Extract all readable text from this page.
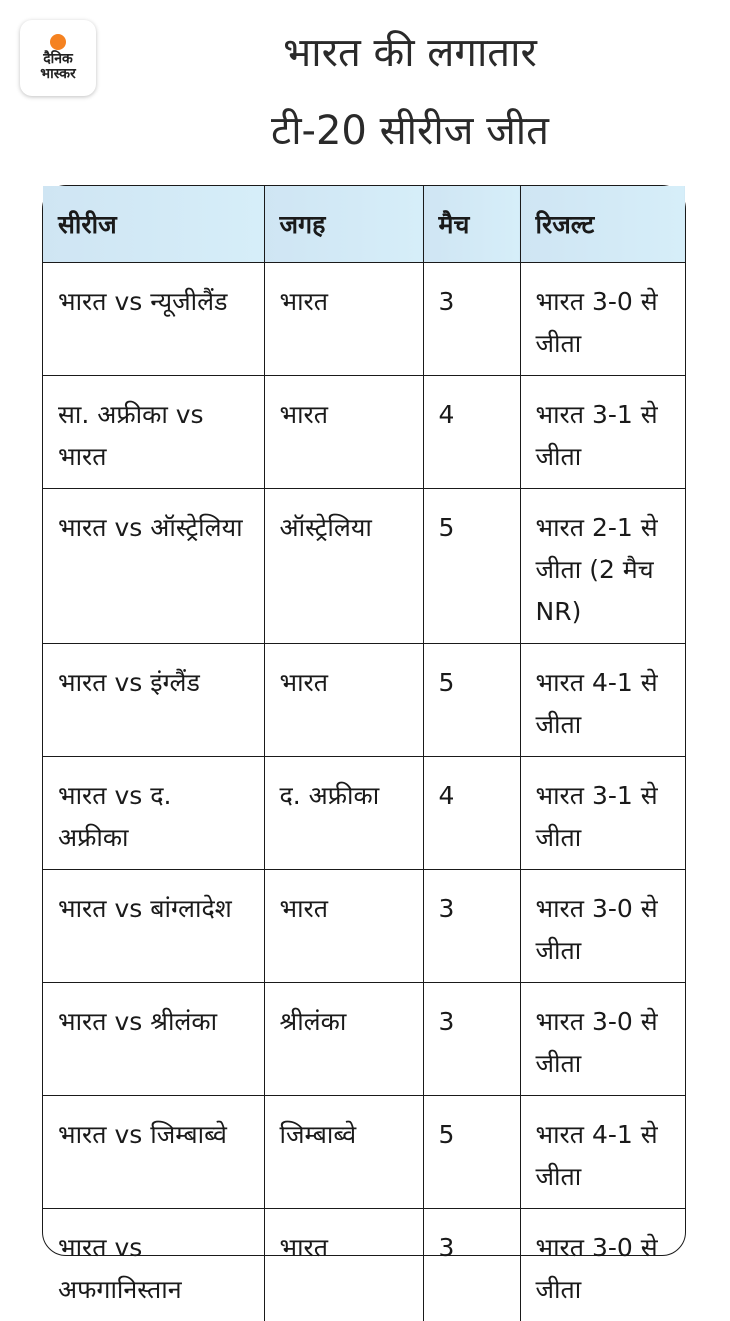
दैनिक
भास्कर	भारत की लगातार
टी-20 सीरीज जीत
सीरीज	जगह	मैच	रिजल्ट
भारत vs न्यूजीलैंड	भारत	3	भारत 3-0 से जीता
सा. अफ्रीका vs भारत	भारत	4	भारत 3-1 से जीता
भारत vs ऑस्ट्रेलिया	ऑस्ट्रेलिया	5	भारत 2-1 से जीता (2 मैच NR)
भारत vs इंग्लैंड	भारत	5	भारत 4-1 से जीता
भारत vs द. अफ्रीका	द. अफ्रीका	4	भारत 3-1 से जीता
भारत vs बांग्लादेश	भारत	3	भारत 3-0 से जीता
भारत vs श्रीलंका	श्रीलंका	3	भारत 3-0 से जीता
भारत vs जिम्बाब्वे	जिम्बाब्वे	5	भारत 4-1 से जीता
भारत vs अफगानिस्तान	भारत	3	भारत 3-0 से जीता
